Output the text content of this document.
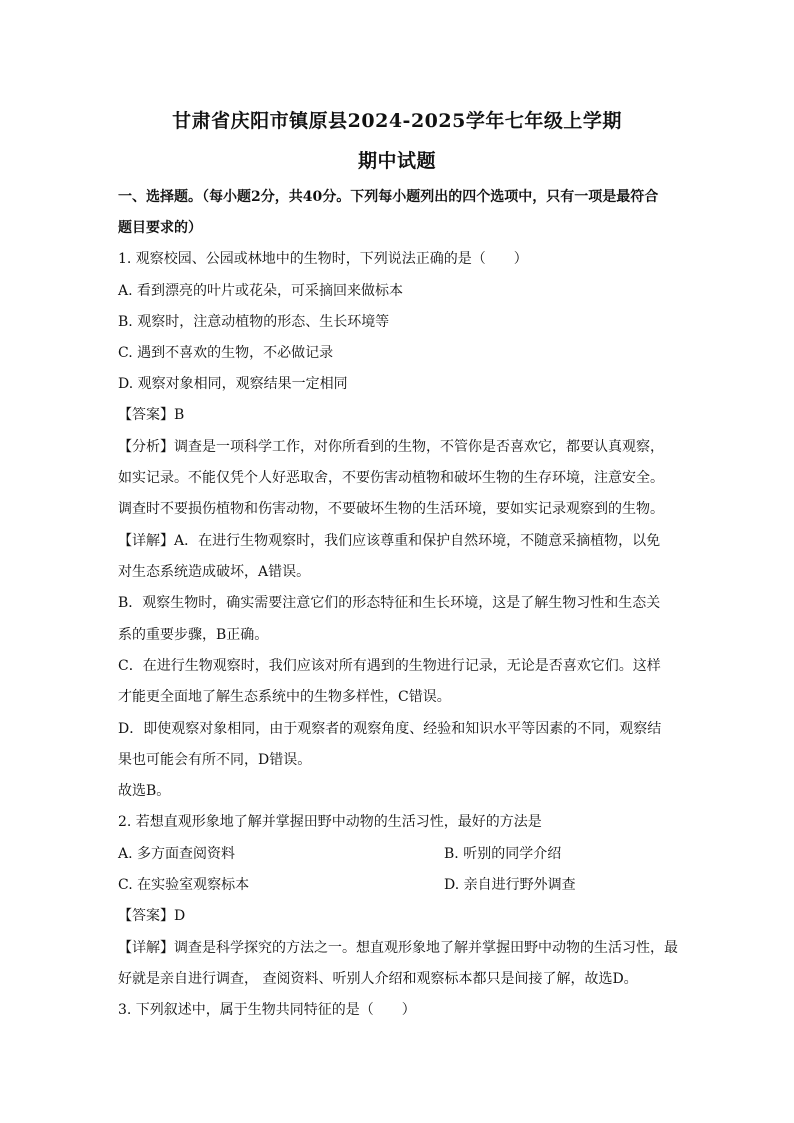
甘肃省庆阳市镇原县2024-2025学年七年级上学期
期中试题
一、选择题。（每小题2分，共40分。下列每小题列出的四个选项中，只有一项是最符合
题目要求的）
1. 观察校园、公园或林地中的生物时，下列说法正确的是（　　）
A. 看到漂亮的叶片或花朵，可采摘回来做标本
B. 观察时，注意动植物的形态、生长环境等
C. 遇到不喜欢的生物，不必做记录
D. 观察对象相同，观察结果一定相同
【答案】B
【分析】调查是一项科学工作，对你所看到的生物，不管你是否喜欢它，都要认真观察，
如实记录。不能仅凭个人好恶取舍，不要伤害动植物和破坏生物的生存环境，注意安全。
调查时不要损伤植物和伤害动物，不要破坏生物的生活环境，要如实记录观察到的生物。
【详解】A．在进行生物观察时，我们应该尊重和保护自然环境，不随意采摘植物，以免
对生态系统造成破坏，A错误。
B．观察生物时，确实需要注意它们的形态特征和生长环境，这是了解生物习性和生态关
系的重要步骤，B正确。
C．在进行生物观察时，我们应该对所有遇到的生物进行记录，无论是否喜欢它们。这样
才能更全面地了解生态系统中的生物多样性，C错误。
D．即使观察对象相同，由于观察者的观察角度、经验和知识水平等因素的不同，观察结
果也可能会有所不同，D错误。
故选B。
2. 若想直观形象地了解并掌握田野中动物的生活习性，最好的方法是
A. 多方面查阅资料	B. 听别的同学介绍
C. 在实验室观察标本	D. 亲自进行野外调查
【答案】D
【详解】调查是科学探究的方法之一。想直观形象地了解并掌握田野中动物的生活习性，最
好就是亲自进行调查， 查阅资料、听别人介绍和观察标本都只是间接了解，故选D。
3. 下列叙述中，属于生物共同特征的是（　　）
